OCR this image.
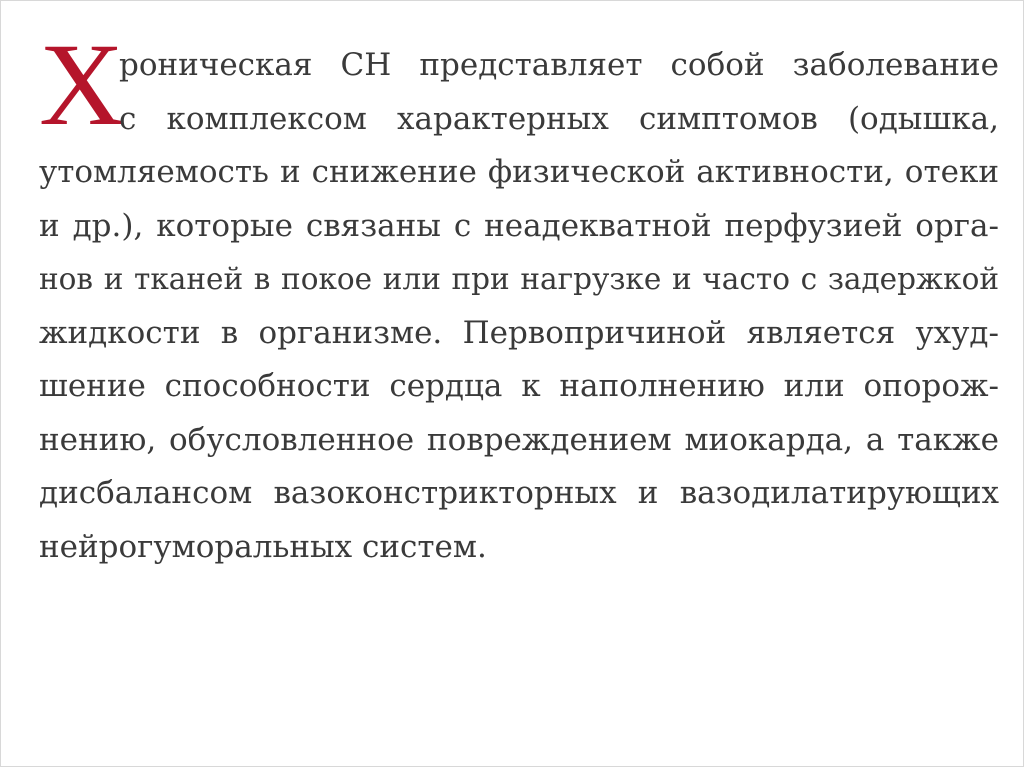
Х
роническая СН представляет собой заболевание
с комплексом характерных симптомов (одышка,
утомляемость и снижение физической активности, отеки
и др.), которые связаны с неадекватной перфузией орга-
нов и тканей в покое или при нагрузке и часто с задержкой
жидкости в организме. Первопричиной является ухуд-
шение способности сердца к наполнению или опорож-
нению, обусловленное повреждением миокарда, а также
дисбалансом вазоконстрикторных и вазодилатирующих
нейрогуморальных систем.
